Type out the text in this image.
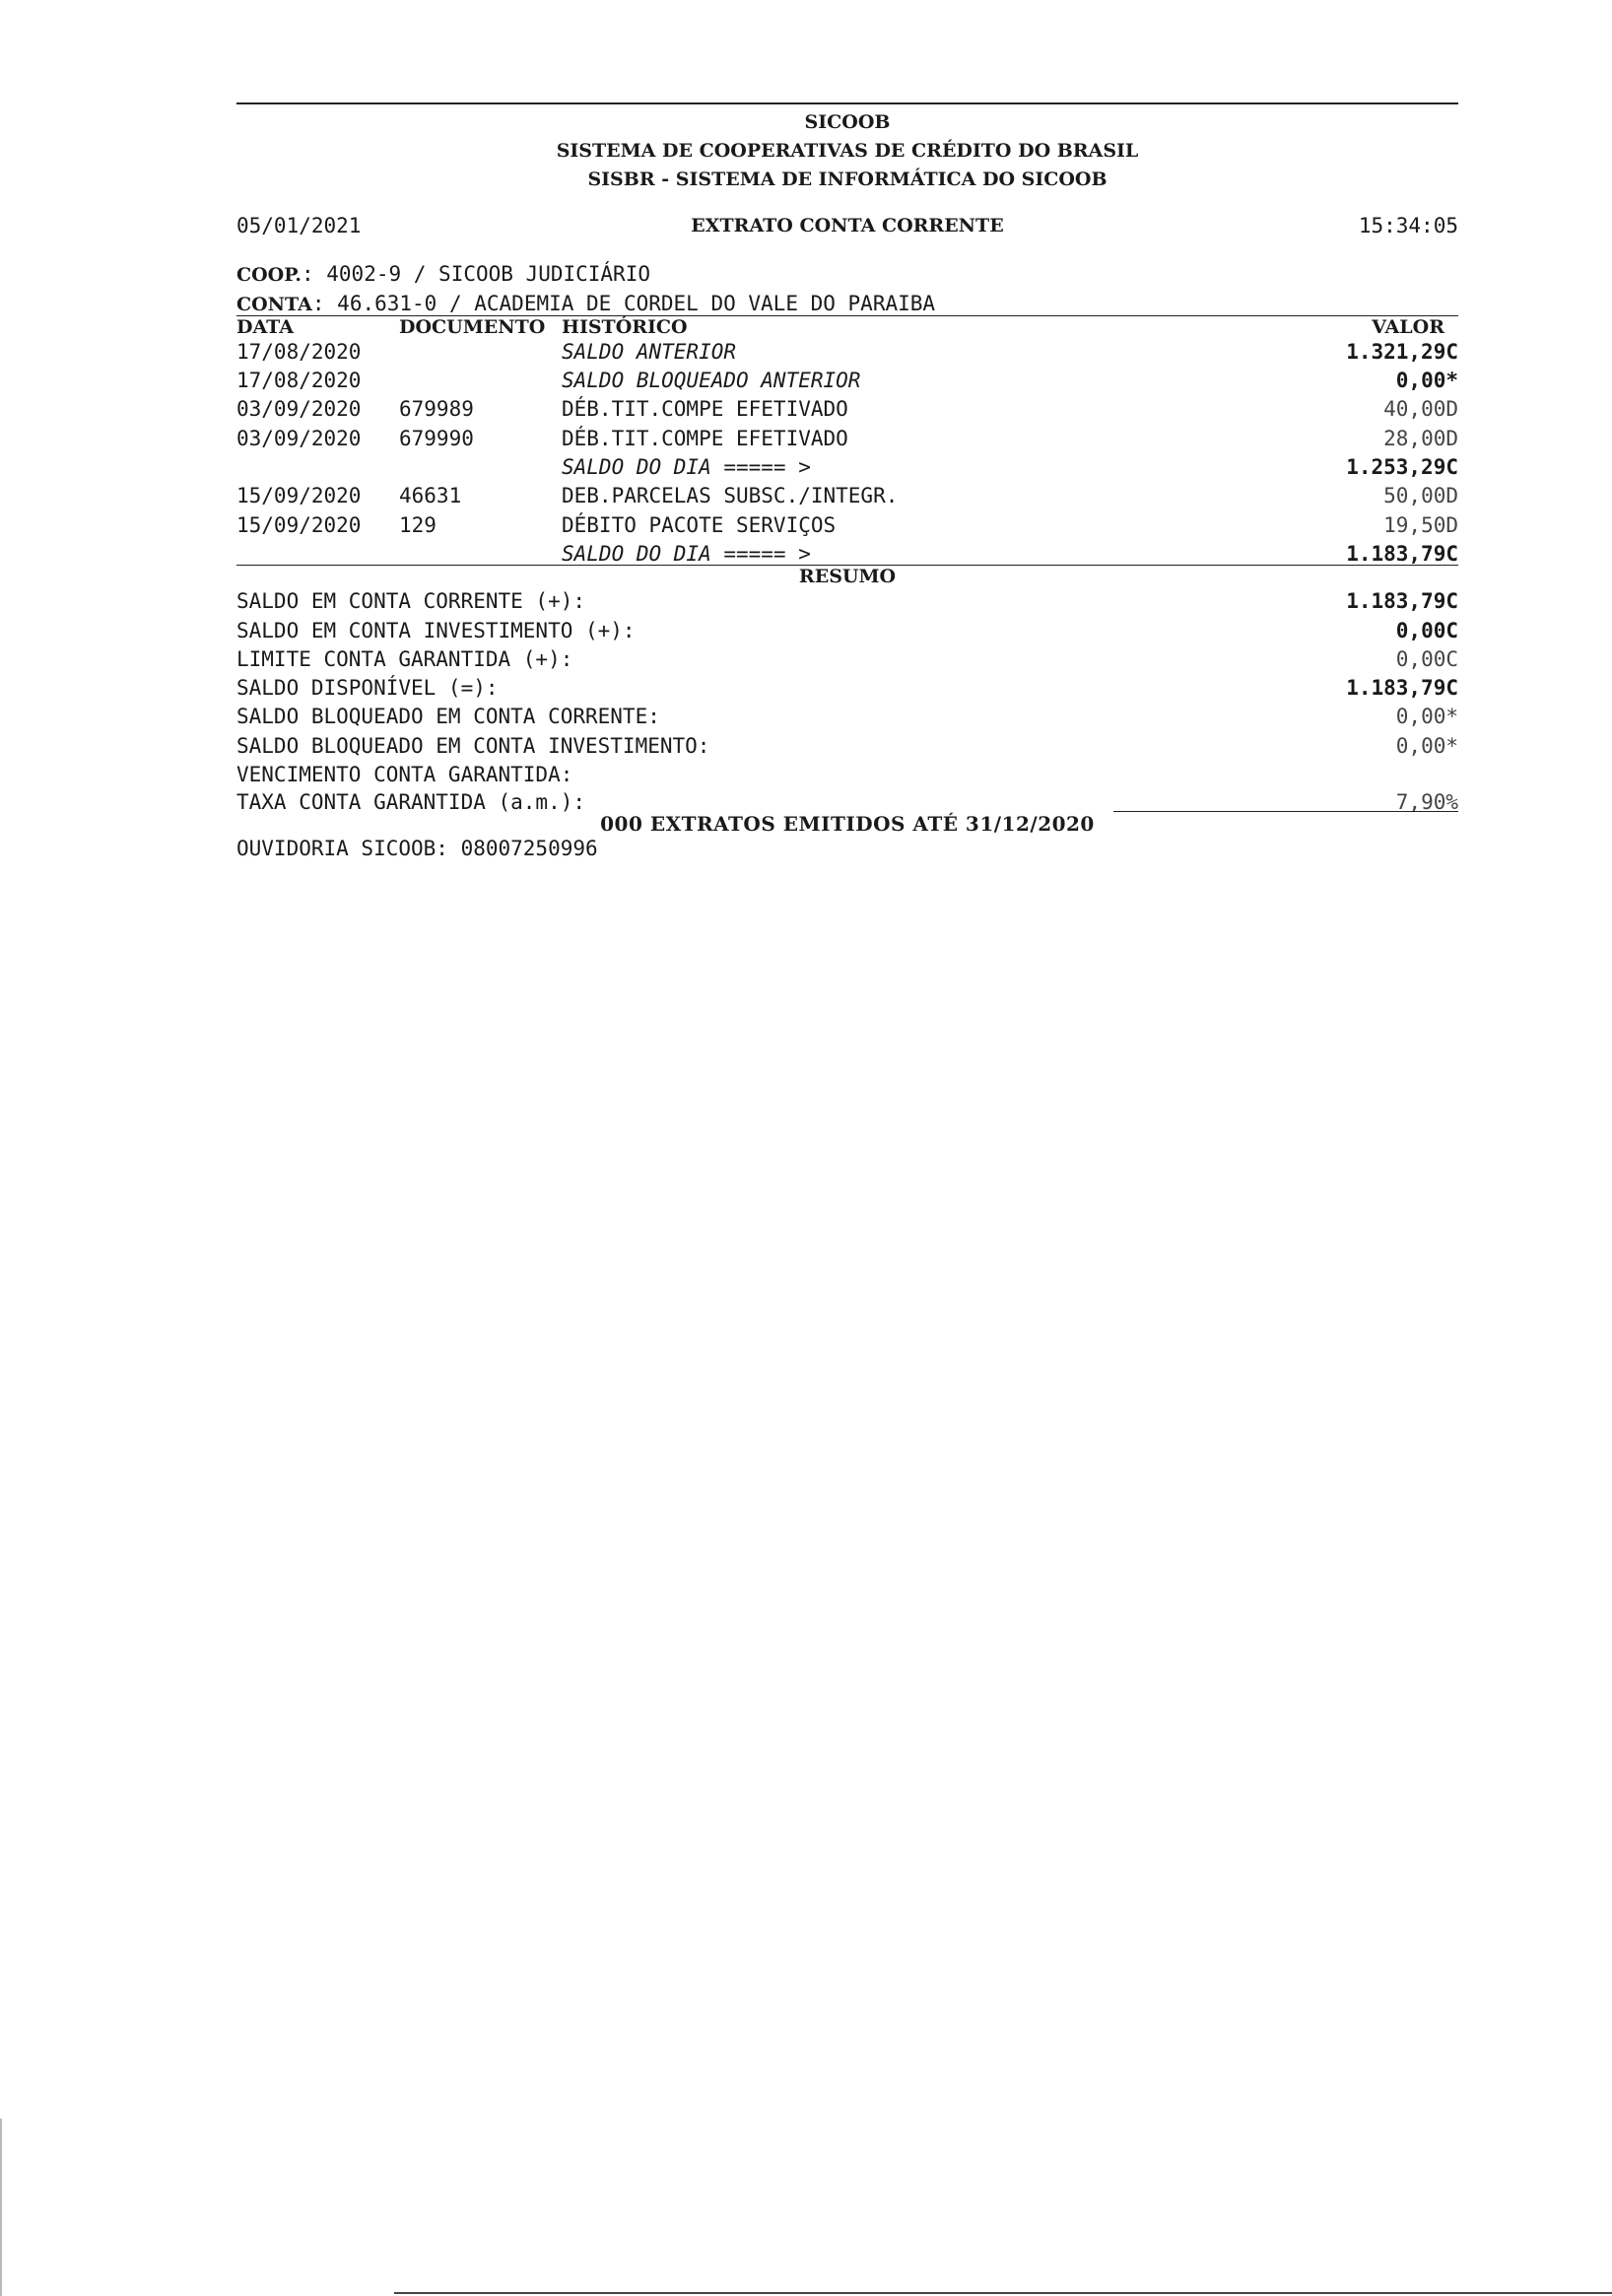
SICOOB
SISTEMA DE COOPERATIVAS DE CRÉDITO DO BRASIL
SISBR - SISTEMA DE INFORMÁTICA DO SICOOB
05/01/2021	EXTRATO CONTA CORRENTE	15:34:05
COOP.: 4002-9 / SICOOB JUDICIÁRIO
CONTA: 46.631-0 / ACADEMIA DE CORDEL DO VALE DO PARAIBA
DATA	DOCUMENTO HISTÓRICO	VALOR
17/08/2020	SALDO ANTERIOR	1.321,29C
17/08/2020	SALDO BLOQUEADO ANTERIOR	0,00*
03/09/2020 679989	DÉB.TIT.COMPE EFETIVADO	40,00D
03/09/2020 679990	DÉB.TIT.COMPE EFETIVADO	28,00D
SALDO DO DIA ===== >	1.253,29C
15/09/2020 46631	DEB.PARCELAS SUBSC./INTEGR.	50,00D
15/09/2020 129	DÉBITO PACOTE SERVIÇOS	19,50D
SALDO DO DIA ===== >	1.183,79C
RESUMO
SALDO EM CONTA CORRENTE (+):	1.183,79C
SALDO EM CONTA INVESTIMENTO (+):	0,00C
LIMITE CONTA GARANTIDA (+):	0,00C
SALDO DISPONÍVEL (=):	1.183,79C
SALDO BLOQUEADO EM CONTA CORRENTE:	0,00*
SALDO BLOQUEADO EM CONTA INVESTIMENTO:	0,00*
VENCIMENTO CONTA GARANTIDA:
TAXA CONTA GARANTIDA (a.m.):	7,90%
000 EXTRATOS EMITIDOS ATÉ 31/12/2020
OUVIDORIA SICOOB: 08007250996
